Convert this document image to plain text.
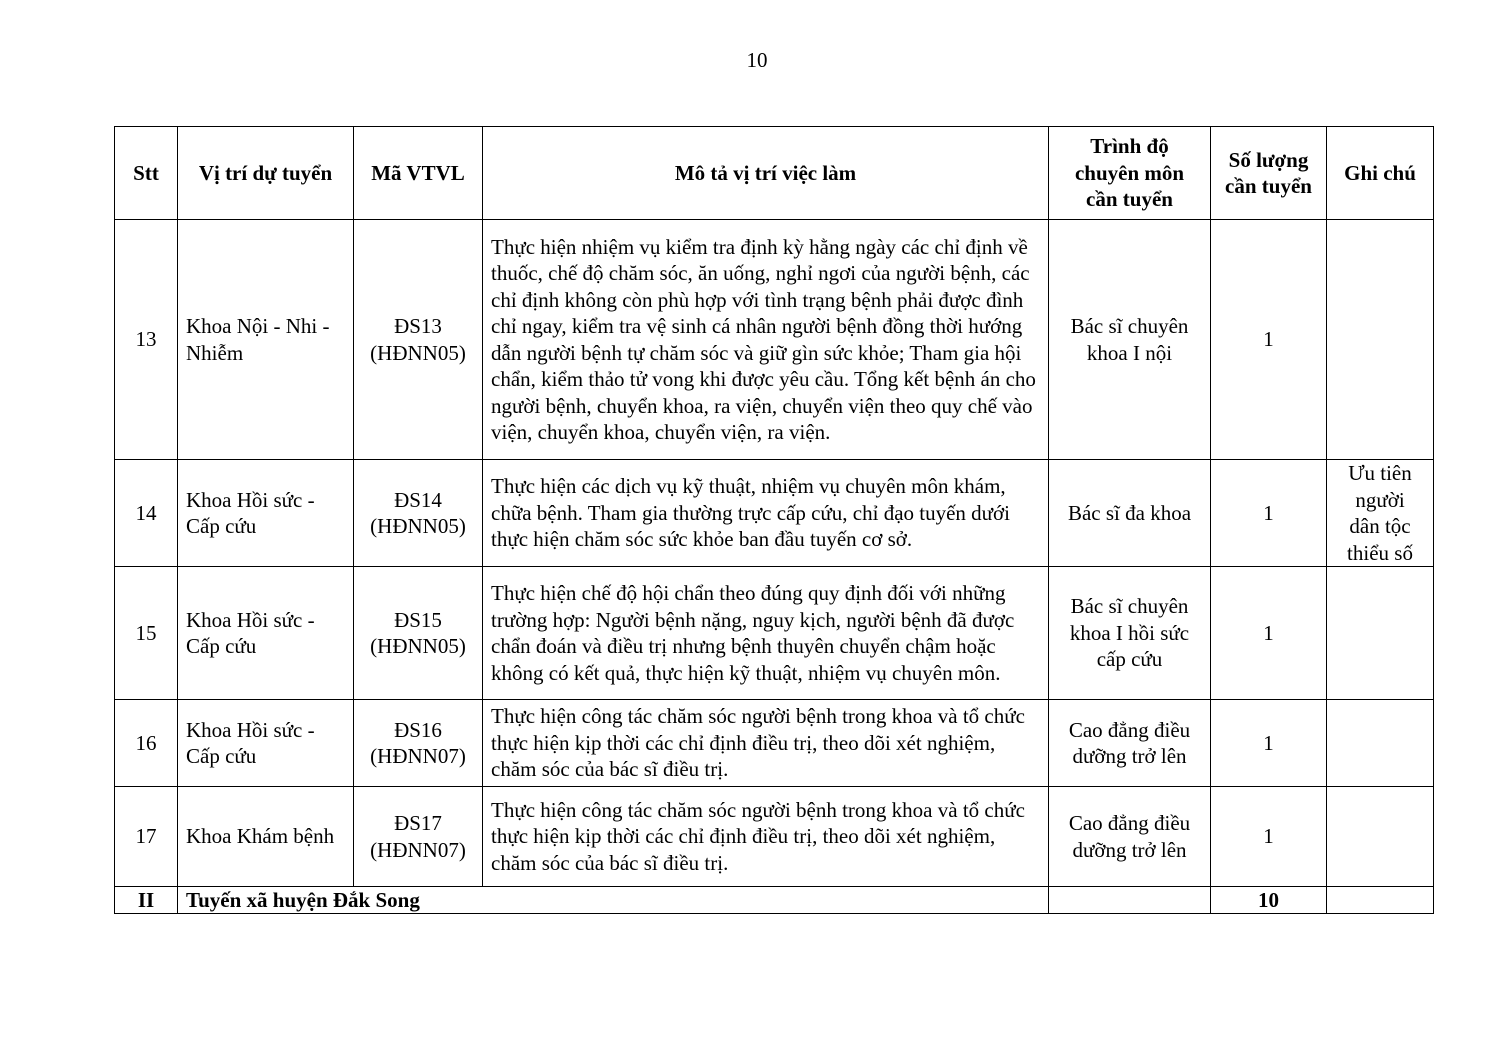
10
Stt	Vị trí dự tuyển	Mã VTVL	Mô tả vị trí việc làm	Trình độ chuyên môn cần tuyển	Số lượng cần tuyển	Ghi chú
13	Khoa Nội - Nhi - Nhiễm	ĐS13 (HĐNN05)	Thực hiện nhiệm vụ kiểm tra định kỳ hằng ngày các chỉ định về thuốc, chế độ chăm sóc, ăn uống, nghỉ ngơi của người bệnh, các chỉ định không còn phù hợp với tình trạng bệnh phải được đình chỉ ngay, kiểm tra vệ sinh cá nhân người bệnh đồng thời hướng dẫn người bệnh tự chăm sóc và giữ gìn sức khỏe; Tham gia hội chẩn, kiểm thảo tử vong khi được yêu cầu. Tổng kết bệnh án cho người bệnh, chuyển khoa, ra viện, chuyển viện theo quy chế vào viện, chuyển khoa, chuyển viện, ra viện.	Bác sĩ chuyên khoa I nội	1	
14	Khoa Hồi sức - Cấp cứu	ĐS14 (HĐNN05)	Thực hiện các dịch vụ kỹ thuật, nhiệm vụ chuyên môn khám, chữa bệnh. Tham gia thường trực cấp cứu, chỉ đạo tuyến dưới thực hiện chăm sóc sức khỏe ban đầu tuyến cơ sở.	Bác sĩ đa khoa	1	Ưu tiên người dân tộc thiểu số
15	Khoa Hồi sức - Cấp cứu	ĐS15 (HĐNN05)	Thực hiện chế độ hội chẩn theo đúng quy định đối với những trường hợp: Người bệnh nặng, nguy kịch, người bệnh đã được chẩn đoán và điều trị nhưng bệnh thuyên chuyển chậm hoặc không có kết quả, thực hiện kỹ thuật, nhiệm vụ chuyên môn.	Bác sĩ chuyên khoa I hồi sức cấp cứu	1	
16	Khoa Hồi sức - Cấp cứu	ĐS16 (HĐNN07)	Thực hiện công tác chăm sóc người bệnh trong khoa và tổ chức thực hiện kịp thời các chỉ định điều trị, theo dõi xét nghiệm, chăm sóc của bác sĩ điều trị.	Cao đẳng điều dưỡng trở lên	1	
17	Khoa Khám bệnh	ĐS17 (HĐNN07)	Thực hiện công tác chăm sóc người bệnh trong khoa và tổ chức thực hiện kịp thời các chỉ định điều trị, theo dõi xét nghiệm, chăm sóc của bác sĩ điều trị.	Cao đẳng điều dưỡng trở lên	1	
II	Tuyến xã huyện Đắk Song				10	
